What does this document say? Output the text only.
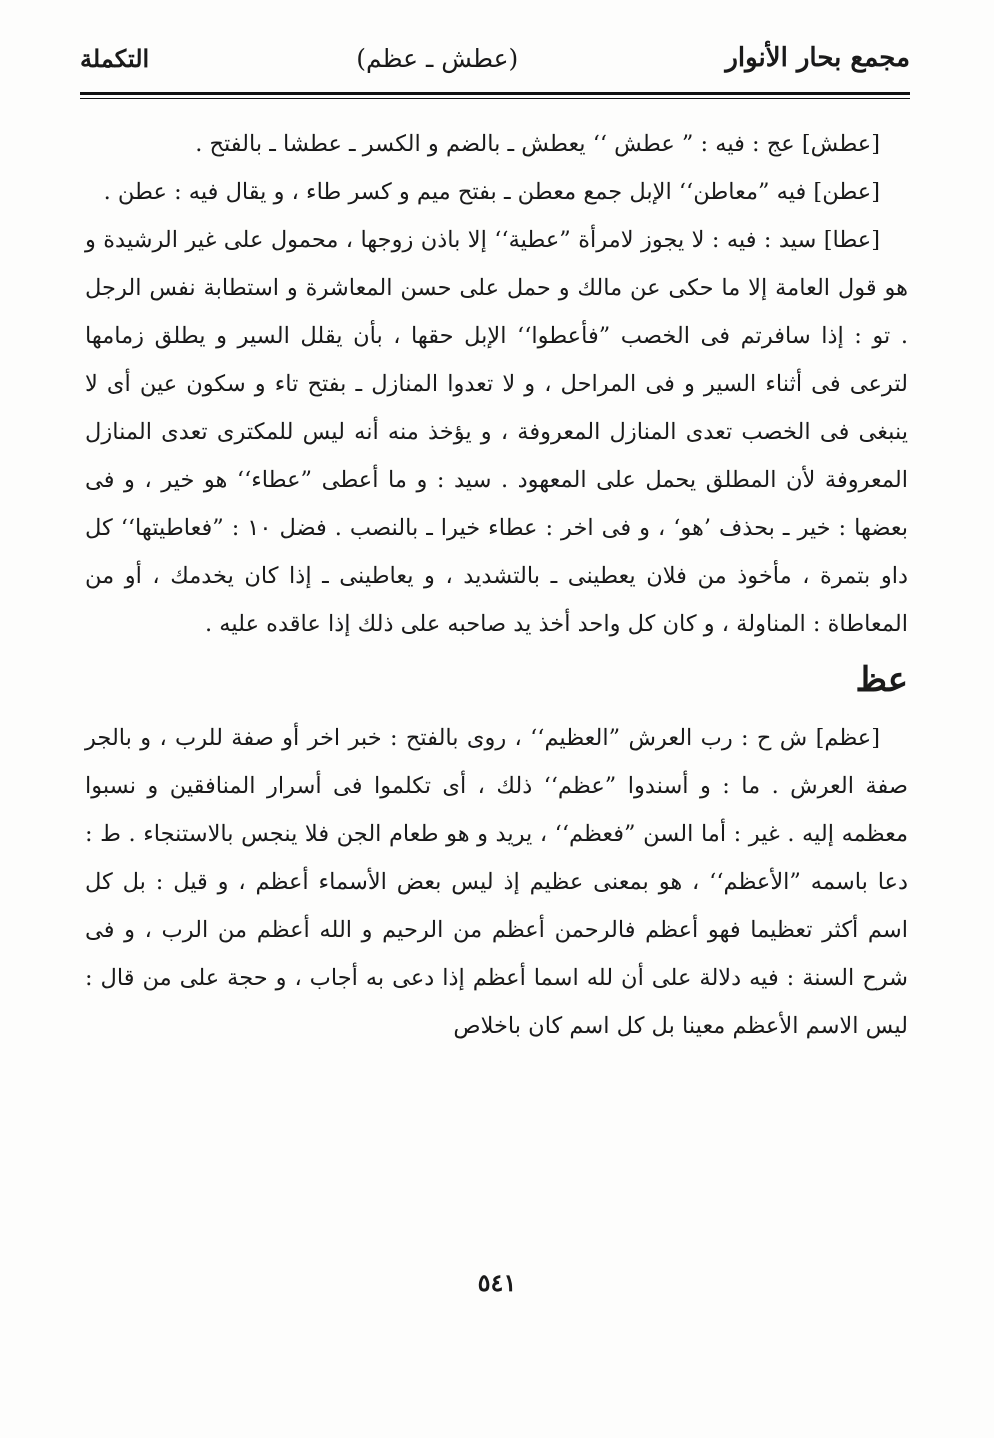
مجمع بحار الأنوار
(عطش ـ عظم)
التكملة

[عطش] عج : فيه : ” عطش ‘‘ يعطش ـ بالضم و الكسر ـ عطشا ـ بالفتح .

[عطن] فيه ”معاطن‘‘ الإبل جمع معطن ـ بفتح ميم و كسر طاء ، و يقال فيه : عطن .

[عطا] سيد : فيه : لا يجوز لامرأة ”عطية‘‘ إلا باذن زوجها ، محمول على غير الرشيدة و هو قول العامة إلا ما حكى عن مالك و حمل على حسن المعاشرة و استطابة نفس الرجل . تو : إذا سافرتم فى الخصب ”فأعطوا‘‘ الإبل حقها ، بأن يقلل السير و يطلق زمامها لترعى فى أثناء السير و فى المراحل ، و لا تعدوا المنازل ـ بفتح تاء و سكون عين أى لا ينبغى فى الخصب تعدى المنازل المعروفة ، و يؤخذ منه أنه ليس للمكترى تعدى المنازل المعروفة لأن المطلق يحمل على المعهود . سيد : و ما أعطى ”عطاء‘‘ هو خير ، و فى بعضها : خير ـ بحذف ’هو‘ ، و فى اخر : عطاء خيرا ـ بالنصب . فضل ١٠ : ”فعاطيتها‘‘ كل داو بتمرة ، مأخوذ من فلان يعطينى ـ بالتشديد ، و يعاطينى ـ إذا كان يخدمك ، أو من المعاطاة : المناولة ، و كان كل واحد أخذ يد صاحبه على ذلك إذا عاقده عليه .

عظ

[عظم] ش ح : رب العرش ”العظيم‘‘ ، روى بالفتح : خبر اخر أو صفة للرب ، و بالجر صفة العرش . ما : و أسندوا ”عظم‘‘ ذلك ، أى تكلموا فى أسرار المنافقين و نسبوا معظمه إليه . غير : أما السن ”فعظم‘‘ ، يريد و هو طعام الجن فلا ينجس بالاستنجاء . ط : دعا باسمه ”الأعظم‘‘ ، هو بمعنى عظيم إذ ليس بعض الأسماء أعظم ، و قيل : بل كل اسم أكثر تعظيما فهو أعظم فالرحمن أعظم من الرحيم و الله أعظم من الرب ، و فى شرح السنة : فيه دلالة على أن لله اسما أعظم إذا دعى به أجاب ، و حجة على من قال : ليس الاسم الأعظم معينا بل كل اسم كان باخلاص

٥٤١
